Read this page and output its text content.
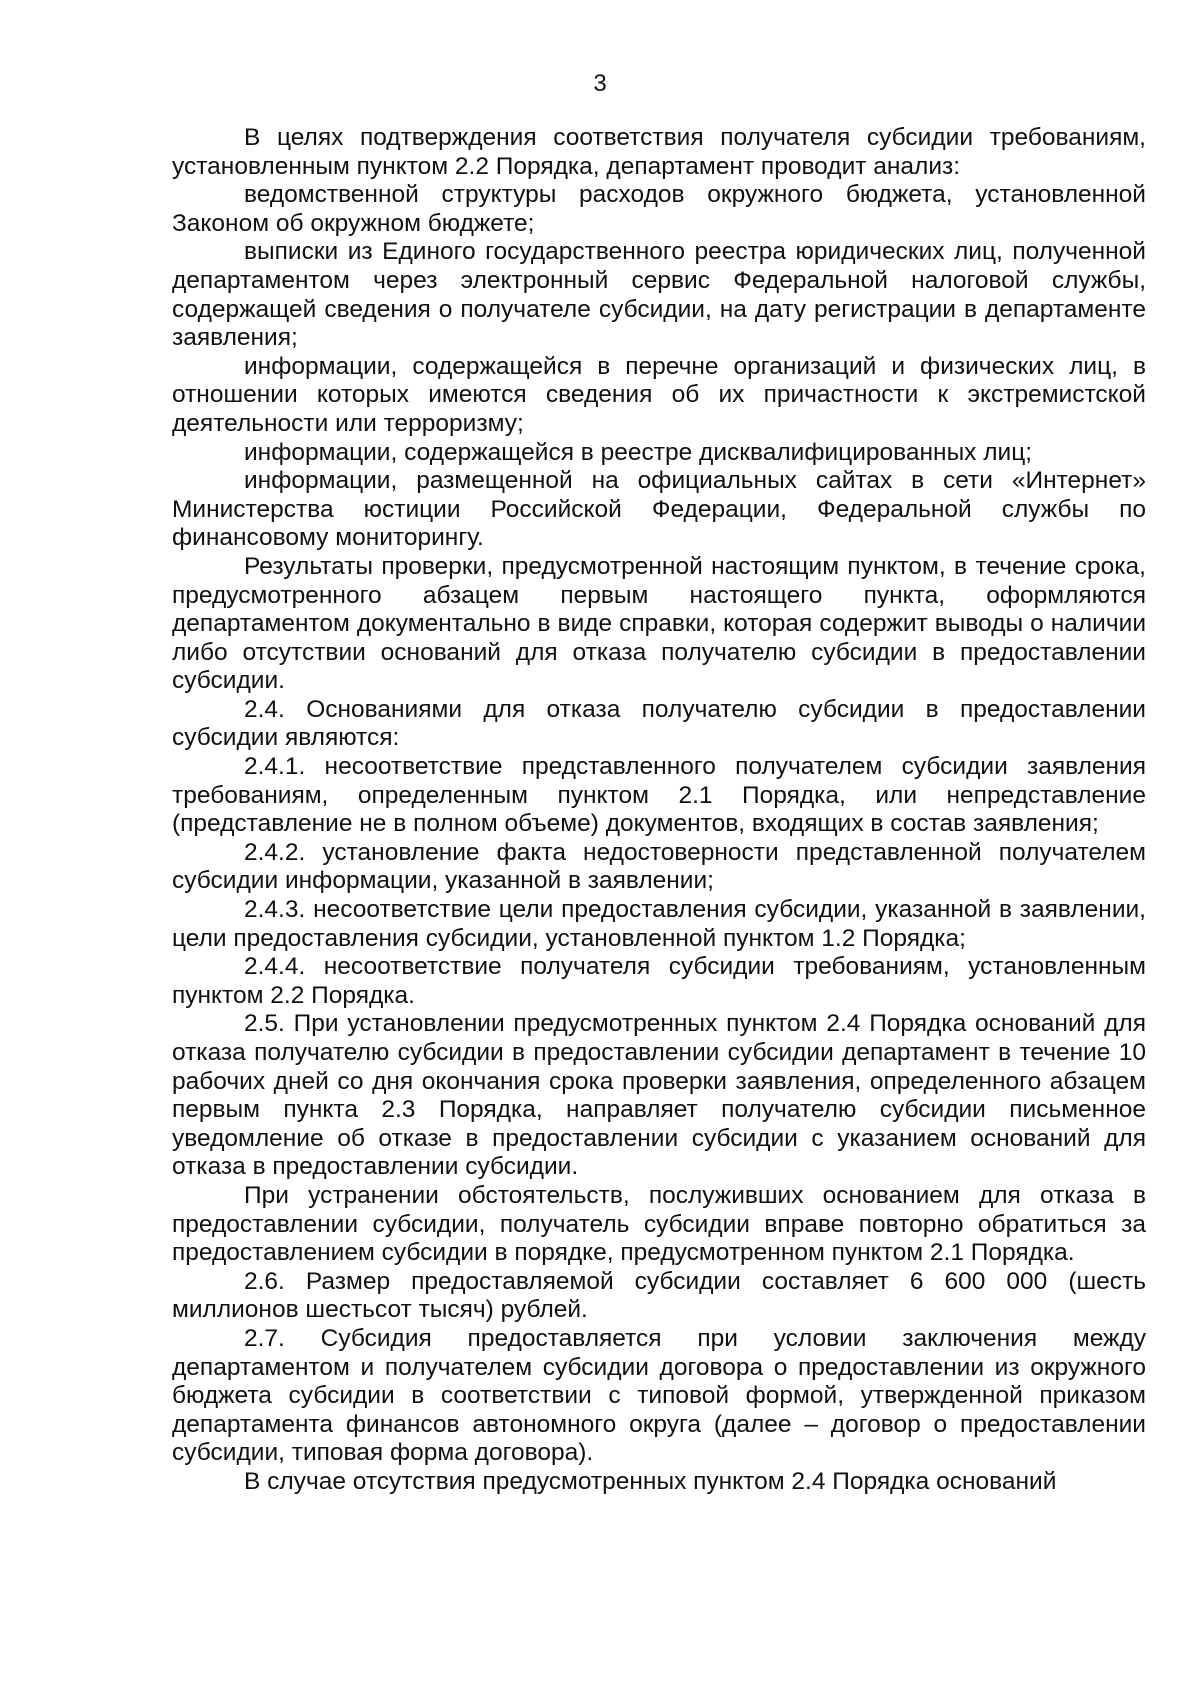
3

В целях подтверждения соответствия получателя субсидии требованиям, установленным пунктом 2.2 Порядка, департамент проводит анализ:

ведомственной структуры расходов окружного бюджета, установленной Законом об окружном бюджете;

выписки из Единого государственного реестра юридических лиц, полученной департаментом через электронный сервис Федеральной налоговой службы, содержащей сведения о получателе субсидии, на дату регистрации в департаменте заявления;

информации, содержащейся в перечне организаций и физических лиц, в отношении которых имеются сведения об их причастности к экстремистской деятельности или терроризму;

информации, содержащейся в реестре дисквалифицированных лиц;

информации, размещенной на официальных сайтах в сети «Интернет» Министерства юстиции Российской Федерации, Федеральной службы по финансовому мониторингу.

Результаты проверки, предусмотренной настоящим пунктом, в течение срока, предусмотренного абзацем первым настоящего пункта, оформляются департаментом документально в виде справки, которая содержит выводы о наличии либо отсутствии оснований для отказа получателю субсидии в предоставлении субсидии.

2.4. Основаниями для отказа получателю субсидии в предоставлении субсидии являются:

2.4.1. несоответствие представленного получателем субсидии заявления требованиям, определенным пунктом 2.1 Порядка, или непредставление (представление не в полном объеме) документов, входящих в состав заявления;

2.4.2. установление факта недостоверности представленной получателем субсидии информации, указанной в заявлении;

2.4.3. несоответствие цели предоставления субсидии, указанной в заявлении, цели предоставления субсидии, установленной пунктом 1.2 Порядка;

2.4.4. несоответствие получателя субсидии требованиям, установленным пунктом 2.2 Порядка.

2.5. При установлении предусмотренных пунктом 2.4 Порядка оснований для отказа получателю субсидии в предоставлении субсидии департамент в течение 10 рабочих дней со дня окончания срока проверки заявления, определенного абзацем первым пункта 2.3 Порядка, направляет получателю субсидии письменное уведомление об отказе в предоставлении субсидии с указанием оснований для отказа в предоставлении субсидии.

При устранении обстоятельств, послуживших основанием для отказа в предоставлении субсидии, получатель субсидии вправе повторно обратиться за предоставлением субсидии в порядке, предусмотренном пунктом 2.1 Порядка.

2.6. Размер предоставляемой субсидии составляет 6 600 000 (шесть миллионов шестьсот тысяч) рублей.

2.7. Субсидия предоставляется при условии заключения между департаментом и получателем субсидии договора о предоставлении из окружного бюджета субсидии в соответствии с типовой формой, утвержденной приказом департамента финансов автономного округа (далее – договор о предоставлении субсидии, типовая форма договора).

В случае отсутствия предусмотренных пунктом 2.4 Порядка оснований
